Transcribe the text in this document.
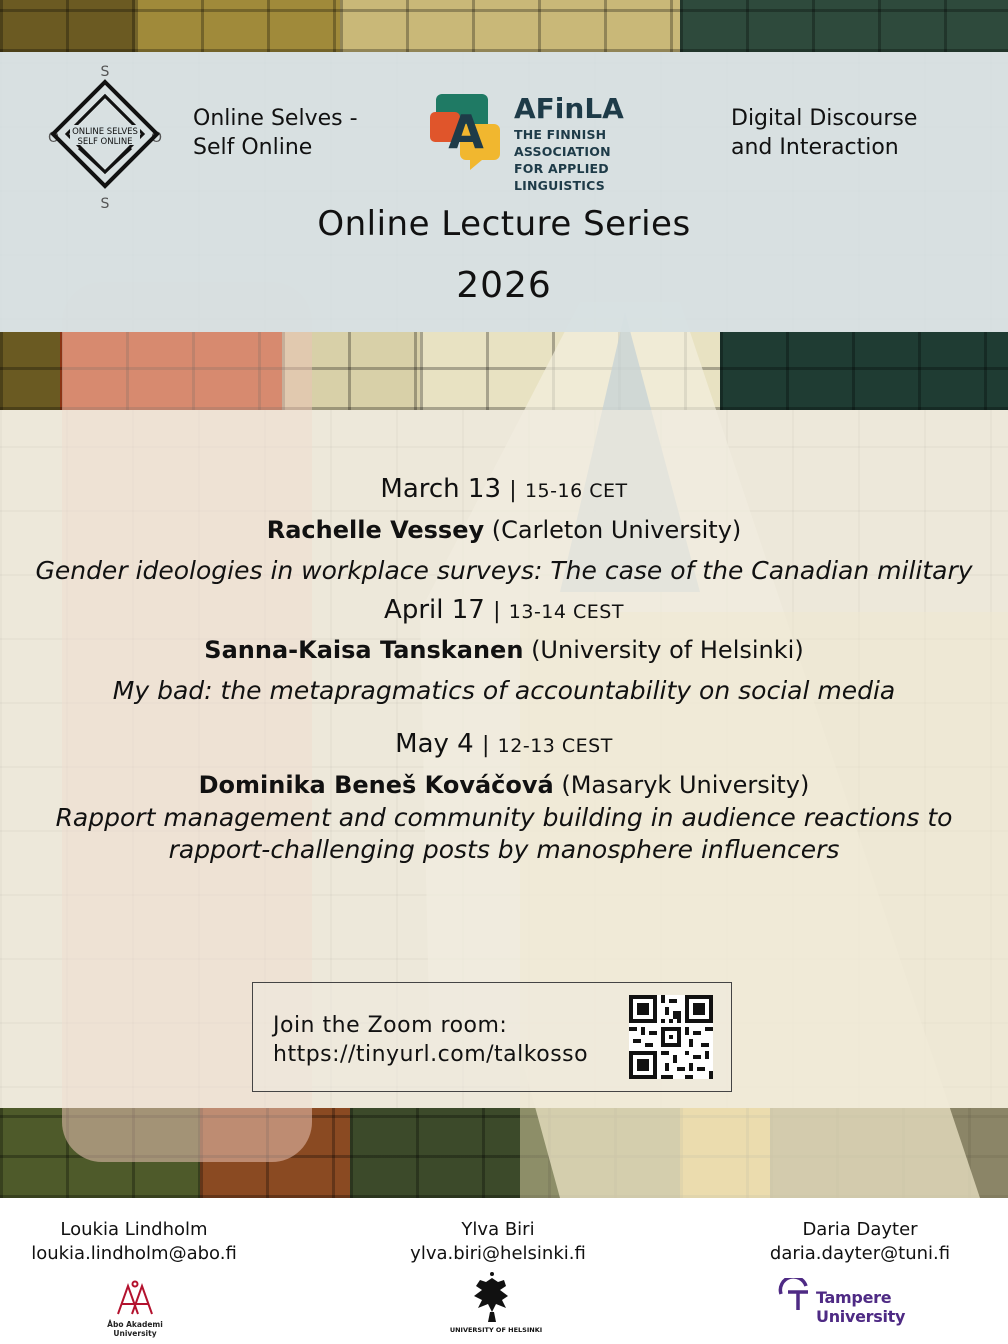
S
S
O	O
ONLINE SELVES
SELF ONLINE
Online Selves -
Self Online	A AFinLA
THE FINNISH ASSOCIATION
FOR APPLIED LINGUISTICS
Digital Discourse
and Interaction
Online Lecture Series
2026
March 13 | 15-16 CET
Rachelle Vessey (Carleton University)
Gender ideologies in workplace surveys: The case of the Canadian military
April 17 | 13-14 CEST
Sanna-Kaisa Tanskanen (University of Helsinki)
My bad: the metapragmatics of accountability on social media
May 4 | 12-13 CEST
Dominika Beneš Kováčová (Masaryk University)
Rapport management and community building in audience reactions to
rapport-challenging posts by manosphere influencers
Join the Zoom room:
https://tinyurl.com/talkosso
Loukia Lindholm
loukia.lindholm@abo.fi
Åbo Akademi
University
Ylva Biri
ylva.biri@helsinki.fi
UNIVERSITY OF HELSINKI
Daria Dayter
daria.dayter@tuni.fi
Tampere University
